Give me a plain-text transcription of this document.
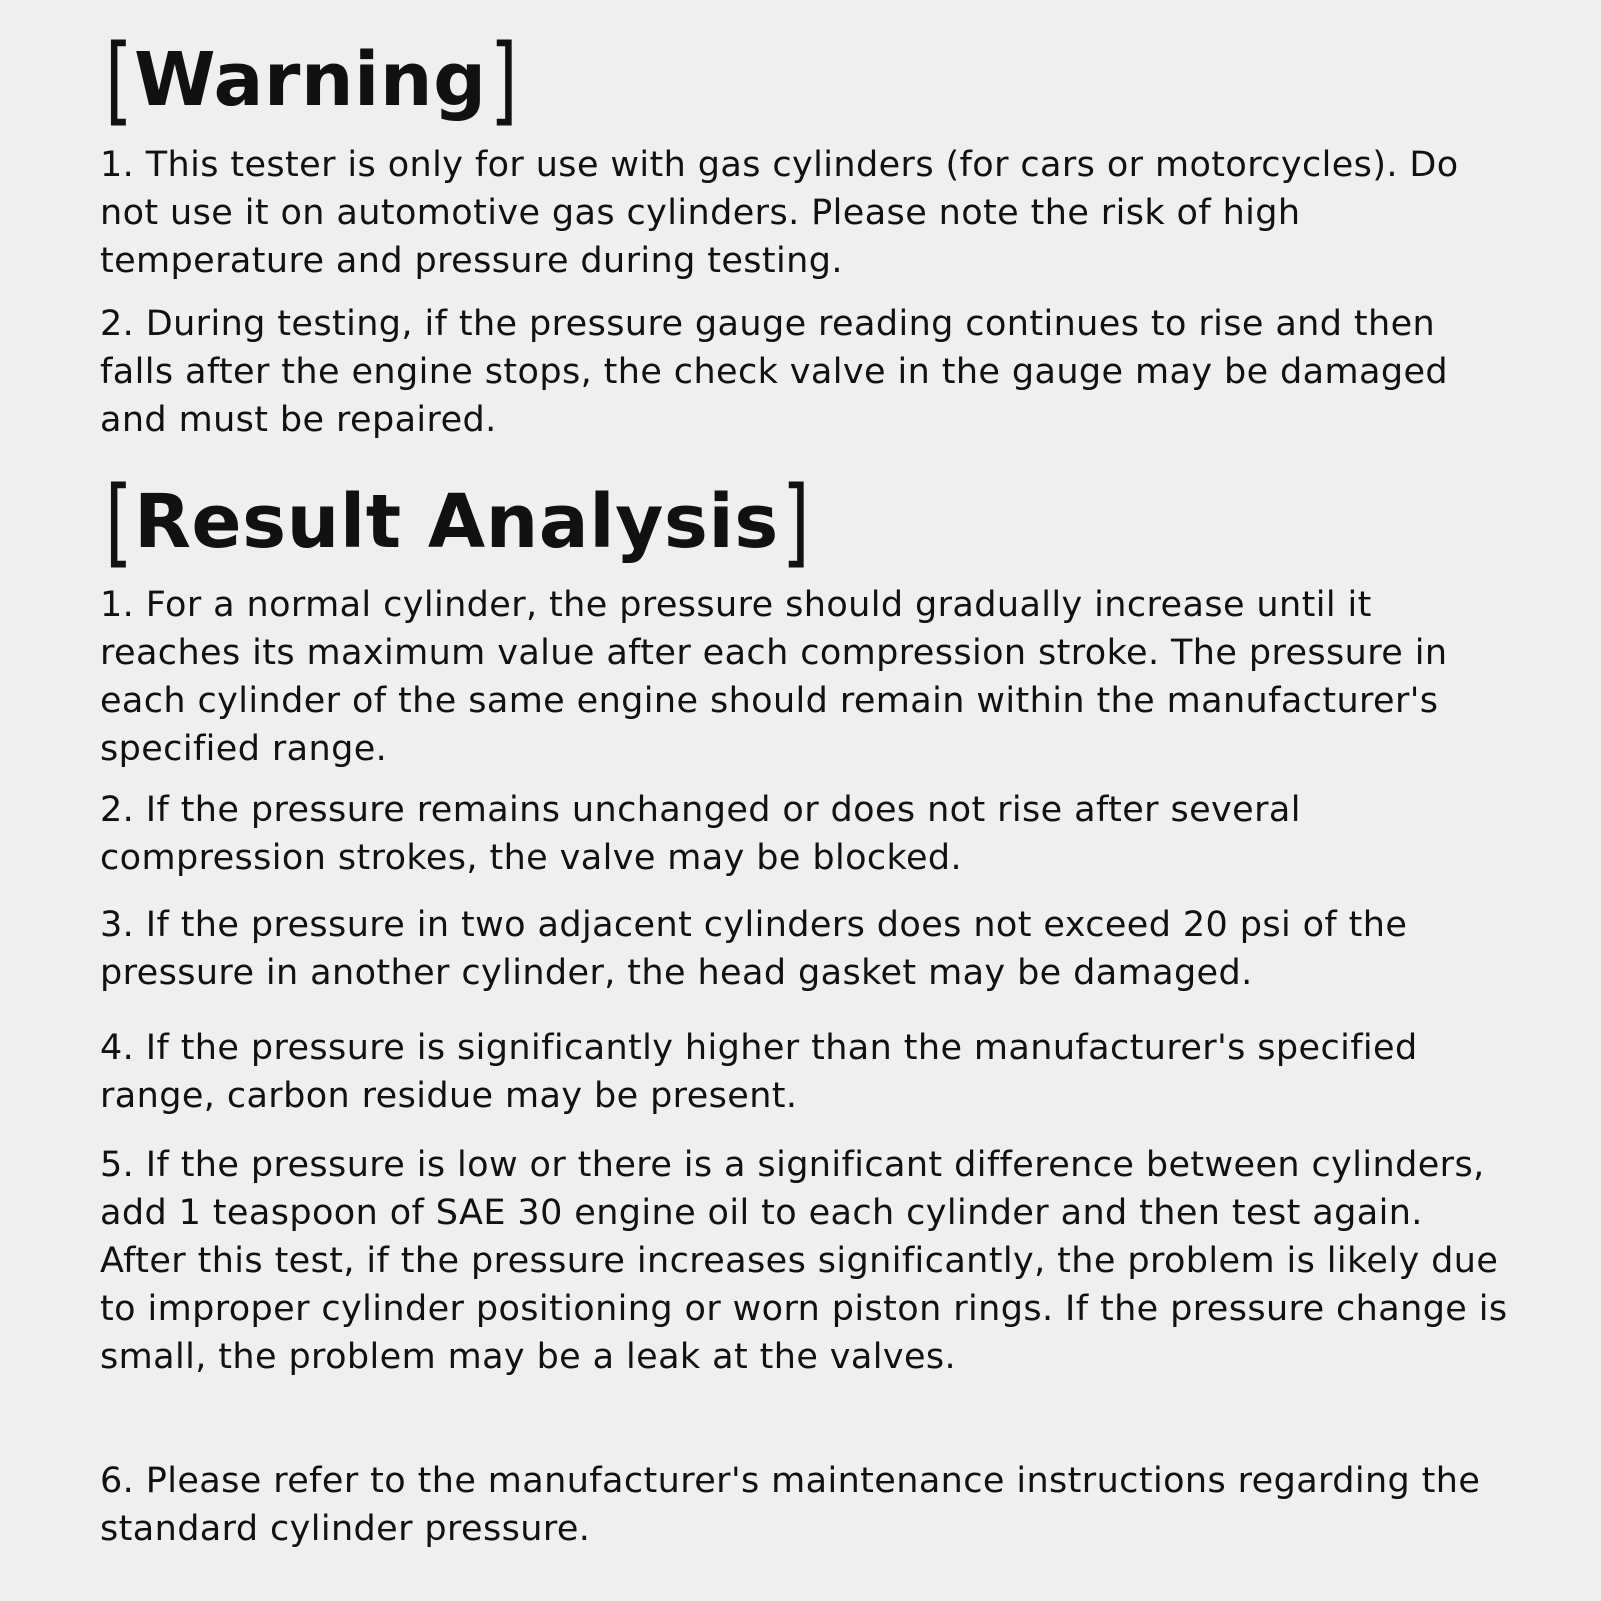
[ Warning ]

1. This tester is only for use with gas cylinders (for cars or motorcycles). Do not use it on automotive gas cylinders. Please note the risk of high temperature and pressure during testing.

2. During testing, if the pressure gauge reading continues to rise and then falls after the engine stops, the check valve in the gauge may be damaged and must be repaired.

[ Result Analysis ]

1. For a normal cylinder, the pressure should gradually increase until it reaches its maximum value after each compression stroke. The pressure in each cylinder of the same engine should remain within the manufacturer's specified range.

2. If the pressure remains unchanged or does not rise after several compression strokes, the valve may be blocked.

3. If the pressure in two adjacent cylinders does not exceed 20 psi of the pressure in another cylinder, the head gasket may be damaged.

4. If the pressure is significantly higher than the manufacturer's specified range, carbon residue may be present.

5. If the pressure is low or there is a significant difference between cylinders, add 1 teaspoon of SAE 30 engine oil to each cylinder and then test again. After this test, if the pressure increases significantly, the problem is likely due to improper cylinder positioning or worn piston rings. If the pressure change is small, the problem may be a leak at the valves.

6. Please refer to the manufacturer's maintenance instructions regarding the standard cylinder pressure.
